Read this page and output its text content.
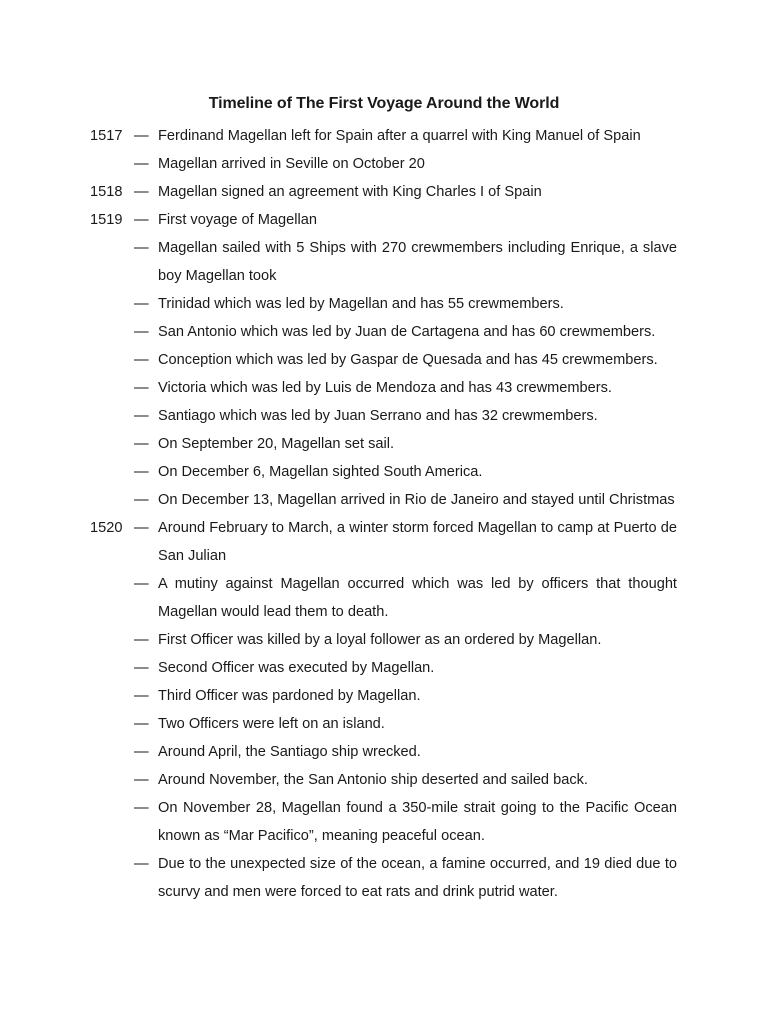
Timeline of The First Voyage Around the World
1517 — Ferdinand Magellan left for Spain after a quarrel with King Manuel of Spain
— Magellan arrived in Seville on October 20
1518 — Magellan signed an agreement with King Charles I of Spain
1519 — First voyage of Magellan
— Magellan sailed with 5 Ships with 270 crewmembers including Enrique, a slave boy Magellan took
— Trinidad which was led by Magellan and has 55 crewmembers.
— San Antonio which was led by Juan de Cartagena and has 60 crewmembers.
— Conception which was led by Gaspar de Quesada and has 45 crewmembers.
— Victoria which was led by Luis de Mendoza and has 43 crewmembers.
— Santiago which was led by Juan Serrano and has 32 crewmembers.
— On September 20, Magellan set sail.
— On December 6, Magellan sighted South America.
— On December 13, Magellan arrived in Rio de Janeiro and stayed until Christmas
1520 — Around February to March, a winter storm forced Magellan to camp at Puerto de San Julian
— A mutiny against Magellan occurred which was led by officers that thought Magellan would lead them to death.
— First Officer was killed by a loyal follower as an ordered by Magellan.
— Second Officer was executed by Magellan.
— Third Officer was pardoned by Magellan.
— Two Officers were left on an island.
— Around April, the Santiago ship wrecked.
— Around November, the San Antonio ship deserted and sailed back.
— On November 28, Magellan found a 350-mile strait going to the Pacific Ocean known as “Mar Pacifico”, meaning peaceful ocean.
— Due to the unexpected size of the ocean, a famine occurred, and 19 died due to scurvy and men were forced to eat rats and drink putrid water.
